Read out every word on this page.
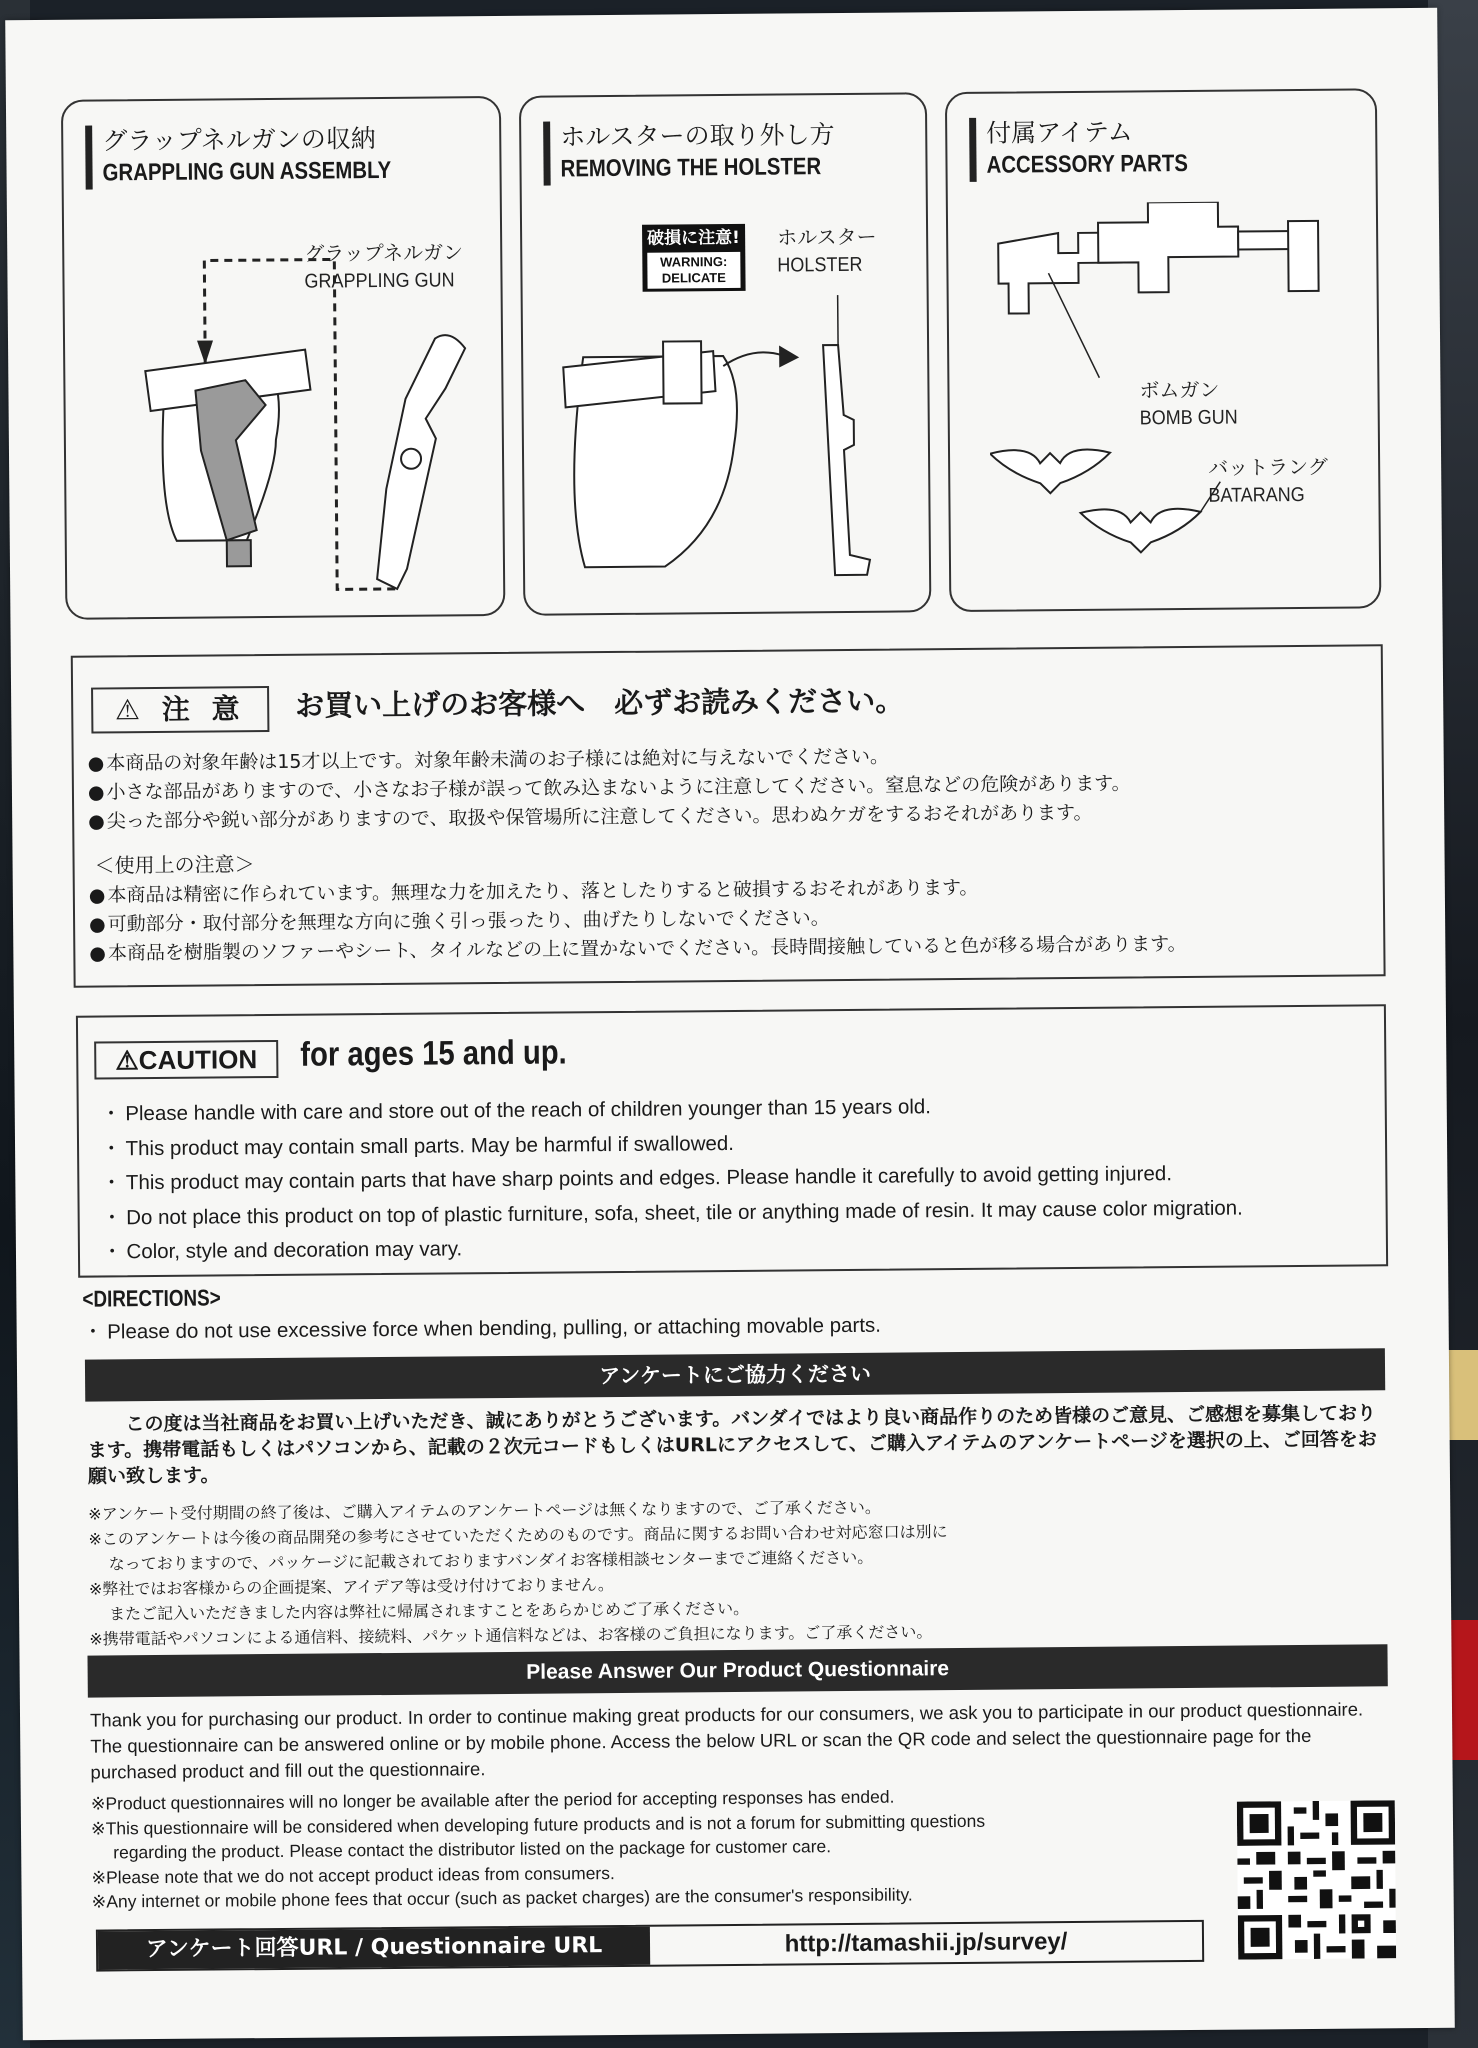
グラップネルガンの収納
GRAPPLING GUN ASSEMBLY
グラップネルガン
GRAPPLING GUN
ホルスターの取り外し方
REMOVING THE HOLSTER
破損に注意!
WARNING:
DELICATE
ホルスター
HOLSTER
付属アイテム
ACCESSORY PARTS
ボムガン
BOMB GUN
バットラング
BATARANG
⚠ 注 意	お買い上げのお客様へ　必ずお読みください。
● 本商品の対象年齢は15才以上です。対象年齢未満のお子様には絶対に与えないでください。
● 小さな部品がありますので、小さなお子様が誤って飲み込まないように注意してください。窒息などの危険があります。
● 尖った部分や鋭い部分がありますので、取扱や保管場所に注意してください。思わぬケガをするおそれがあります。
＜使用上の注意＞
● 本商品は精密に作られています。無理な力を加えたり、落としたりすると破損するおそれがあります。
● 可動部分・取付部分を無理な方向に強く引っ張ったり、曲げたりしないでください。
● 本商品を樹脂製のソファーやシート、タイルなどの上に置かないでください。長時間接触していると色が移る場合があります。
⚠CAUTION	for ages 15 and up.
・ Please handle with care and store out of the reach of children younger than 15 years old.
・ This product may contain small parts. May be harmful if swallowed.
・ This product may contain parts that have sharp points and edges. Please handle it carefully to avoid getting injured.
・ Do not place this product on top of plastic furniture, sofa, sheet, tile or anything made of resin. It may cause color migration.
・ Color, style and decoration may vary.
<DIRECTIONS>
・ Please do not use excessive force when bending, pulling, or attaching movable parts.
アンケートにご協力ください

この度は当社商品をお買い上げいただき、誠にありがとうございます。バンダイではより良い商品作りのため皆様のご意見、ご感想を募集しております。携帯電話もしくはパソコンから、記載の２次元コードもしくはURLにアクセスして、ご購入アイテムのアンケートページを選択の上、ご回答をお願い致します。

※アンケート受付期間の終了後は、ご購入アイテムのアンケートページは無くなりますので、ご了承ください。
※このアンケートは今後の商品開発の参考にさせていただくためのものです。商品に関するお問い合わせ対応窓口は別に
なっておりますので、パッケージに記載されておりますバンダイお客様相談センターまでご連絡ください。
※弊社ではお客様からの企画提案、アイデア等は受け付けておりません。
またご記入いただきました内容は弊社に帰属されますことをあらかじめご了承ください。
※携帯電話やパソコンによる通信料、接続料、パケット通信料などは、お客様のご負担になります。ご了承ください。
Please Answer Our Product Questionnaire
Thank you for purchasing our product. In order to continue making great products for our consumers, we ask you to participate in our product questionnaire. The questionnaire can be answered online or by mobile phone. Access the below URL or scan the QR code and select the questionnaire page for the purchased product and fill out the questionnaire.
※Product questionnaires will no longer be available after the period for accepting responses has ended.
※This questionnaire will be considered when developing future products and is not a forum for submitting questions
regarding the product. Please contact the distributor listed on the package for customer care.
※Please note that we do not accept product ideas from consumers.
※Any internet or mobile phone fees that occur (such as packet charges) are the consumer's responsibility.
アンケート回答URL / Questionnaire URL	http://tamashii.jp/survey/
